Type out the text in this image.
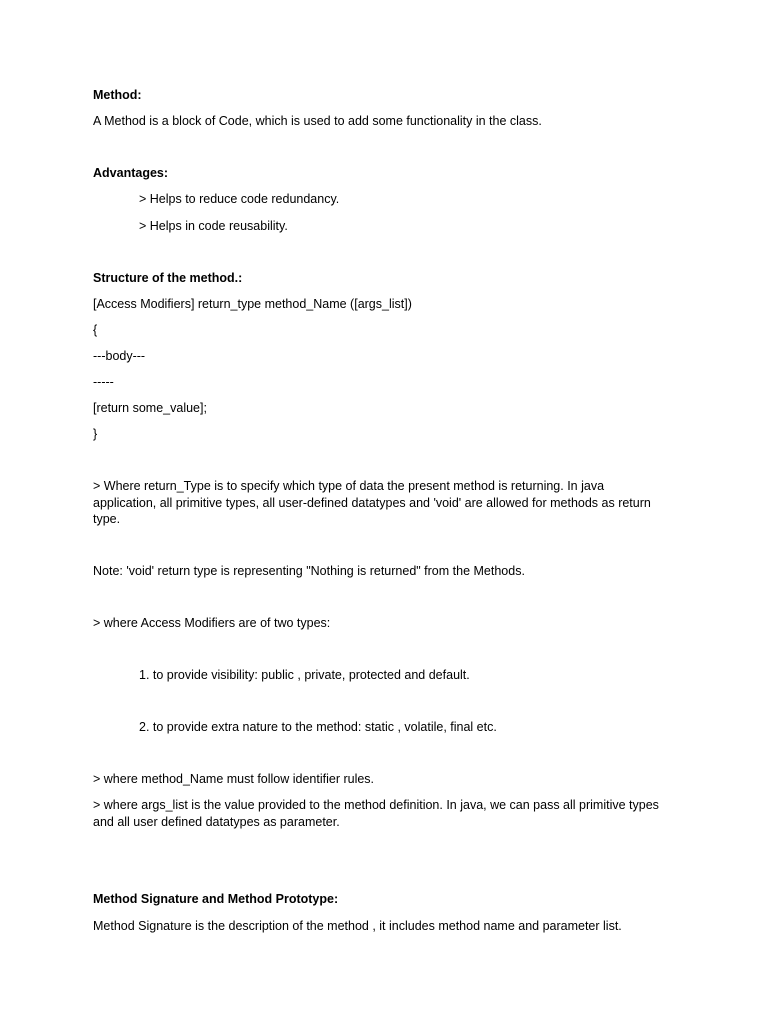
Method:
A Method is a block of Code, which is used to add some functionality in the class.
Advantages:
> Helps to reduce code redundancy.
> Helps in code reusability.
Structure of the method.:
[Access Modifiers] return_type method_Name ([args_list])
{
---body---
-----
[return some_value];
}
> Where return_Type is to specify which type of data the present method is returning. In java application, all primitive types, all user-defined datatypes and 'void' are allowed for methods as return type.
Note: 'void' return type is representing "Nothing is returned" from the Methods.
> where Access Modifiers are of two types:
1. to provide visibility: public , private, protected and default.
2. to provide extra nature to the method: static , volatile, final etc.
> where method_Name must follow identifier rules.
> where args_list is the value provided to the method definition. In java, we can pass all primitive types and all user defined datatypes as parameter.
Method Signature and Method Prototype:
Method Signature is the description of the method , it includes method name and parameter list.
